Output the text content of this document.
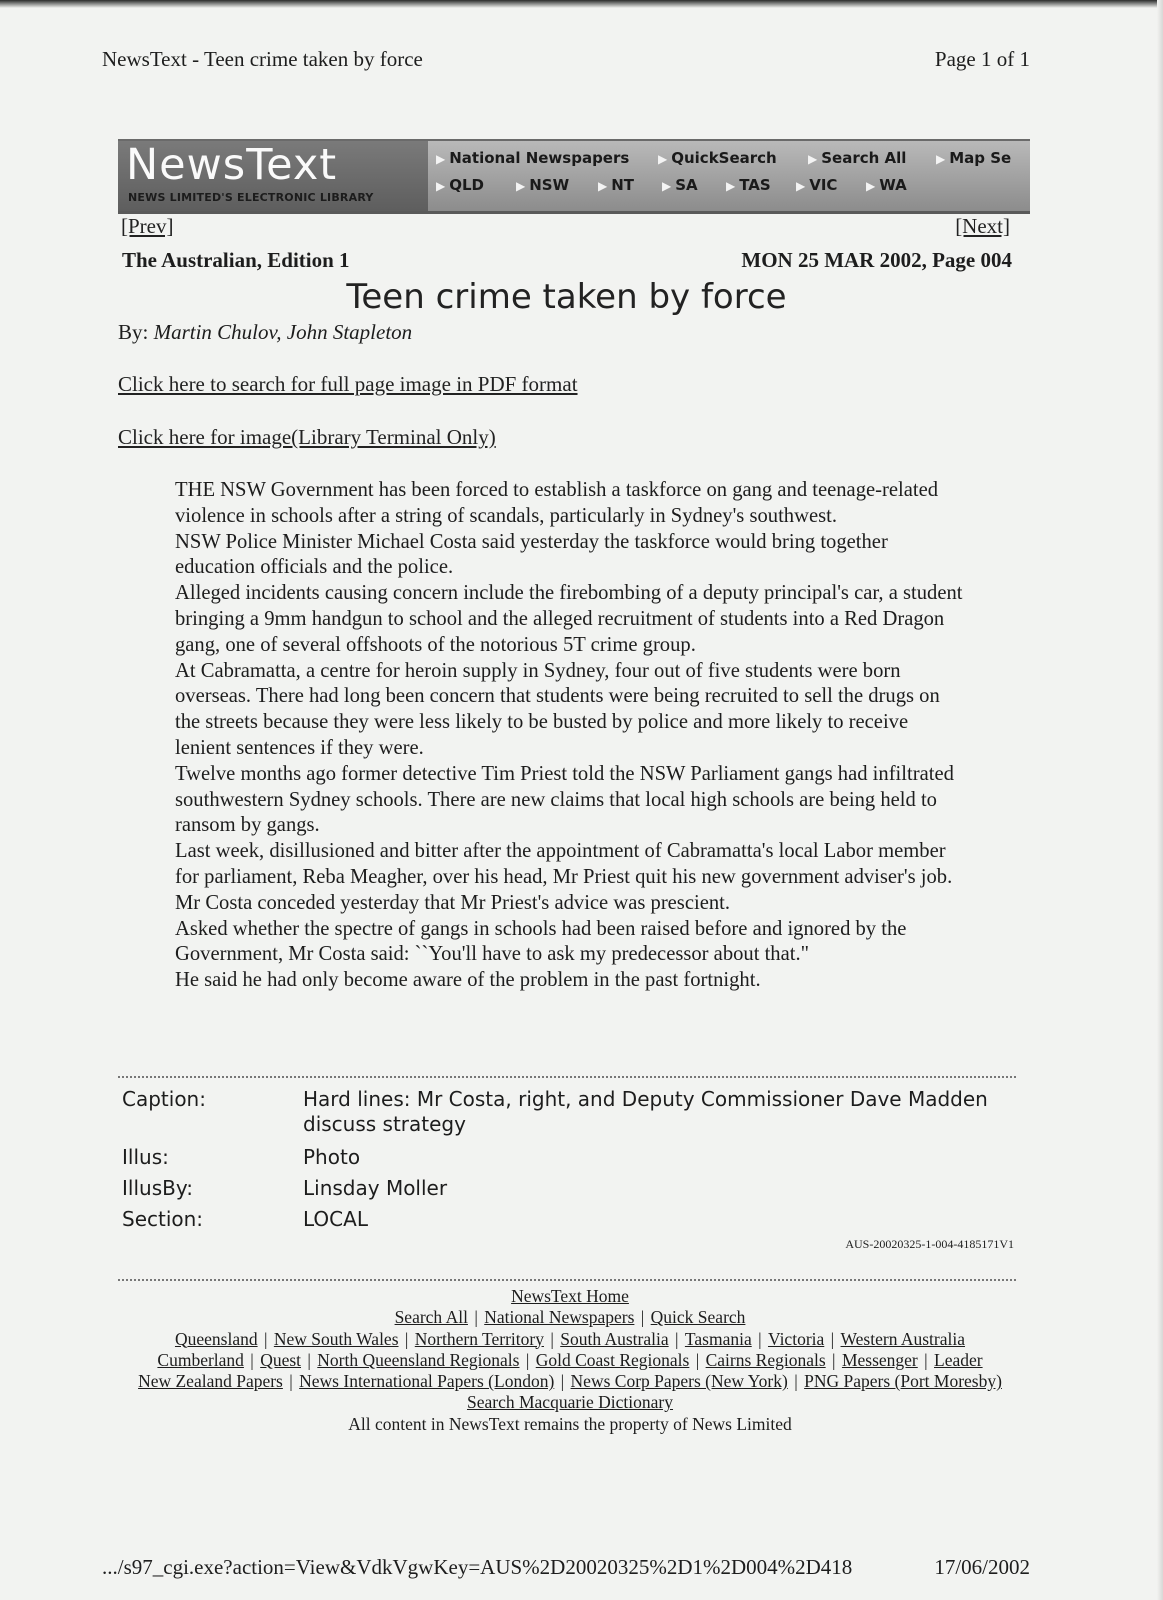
NewsText - Teen crime taken by force	Page 1 of 1
NewsText
NEWS LIMITED'S ELECTRONIC LIBRARY
▶ National Newspapers ▶ QuickSearch	▶ Search All ▶ Map Se
▶ QLD	▶ NSW ▶ NT ▶ SA ▶ TAS ▶ VIC ▶ WA
[Prev]	[Next]
The Australian, Edition 1	MON 25 MAR 2002, Page 004
Teen crime taken by force
By: Martin Chulov, John Stapleton
Click here to search for full page image in PDF format
Click here for image(Library Terminal Only)

THE NSW Government has been forced to establish a taskforce on gang and teenage-related violence in schools after a string of scandals, particularly in Sydney's southwest.

NSW Police Minister Michael Costa said yesterday the taskforce would bring together education officials and the police.

Alleged incidents causing concern include the firebombing of a deputy principal's car, a student bringing a 9mm handgun to school and the alleged recruitment of students into a Red Dragon gang, one of several offshoots of the notorious 5T crime group.

At Cabramatta, a centre for heroin supply in Sydney, four out of five students were born overseas. There had long been concern that students were being recruited to sell the drugs on the streets because they were less likely to be busted by police and more likely to receive lenient sentences if they were.

Twelve months ago former detective Tim Priest told the NSW Parliament gangs had infiltrated southwestern Sydney schools. There are new claims that local high schools are being held to ransom by gangs.

Last week, disillusioned and bitter after the appointment of Cabramatta's local Labor member for parliament, Reba Meagher, over his head, Mr Priest quit his new government adviser's job.

Mr Costa conceded yesterday that Mr Priest's advice was prescient.

Asked whether the spectre of gangs in schools had been raised before and ignored by the Government, Mr Costa said: ``You'll have to ask my predecessor about that."

He said he had only become aware of the problem in the past fortnight.

Caption:	Hard lines: Mr Costa, right, and Deputy Commissioner Dave Madden discuss strategy
Illus:	Photo
IllusBy:	Linsday Moller
Section:	LOCAL
AUS-20020325-1-004-4185171V1
NewsText Home
Search All | National Newspapers | Quick Search
Queensland | New South Wales | Northern Territory | South Australia | Tasmania | Victoria | Western Australia
Cumberland | Quest | North Queensland Regionals | Gold Coast Regionals | Cairns Regionals | Messenger | Leader
New Zealand Papers | News International Papers (London) | News Corp Papers (New York) | PNG Papers (Port Moresby)
Search Macquarie Dictionary
All content in NewsText remains the property of News Limited
.../s97_cgi.exe?action=View&VdkVgwKey=AUS%2D20020325%2D1%2D004%2D418	17/06/2002
